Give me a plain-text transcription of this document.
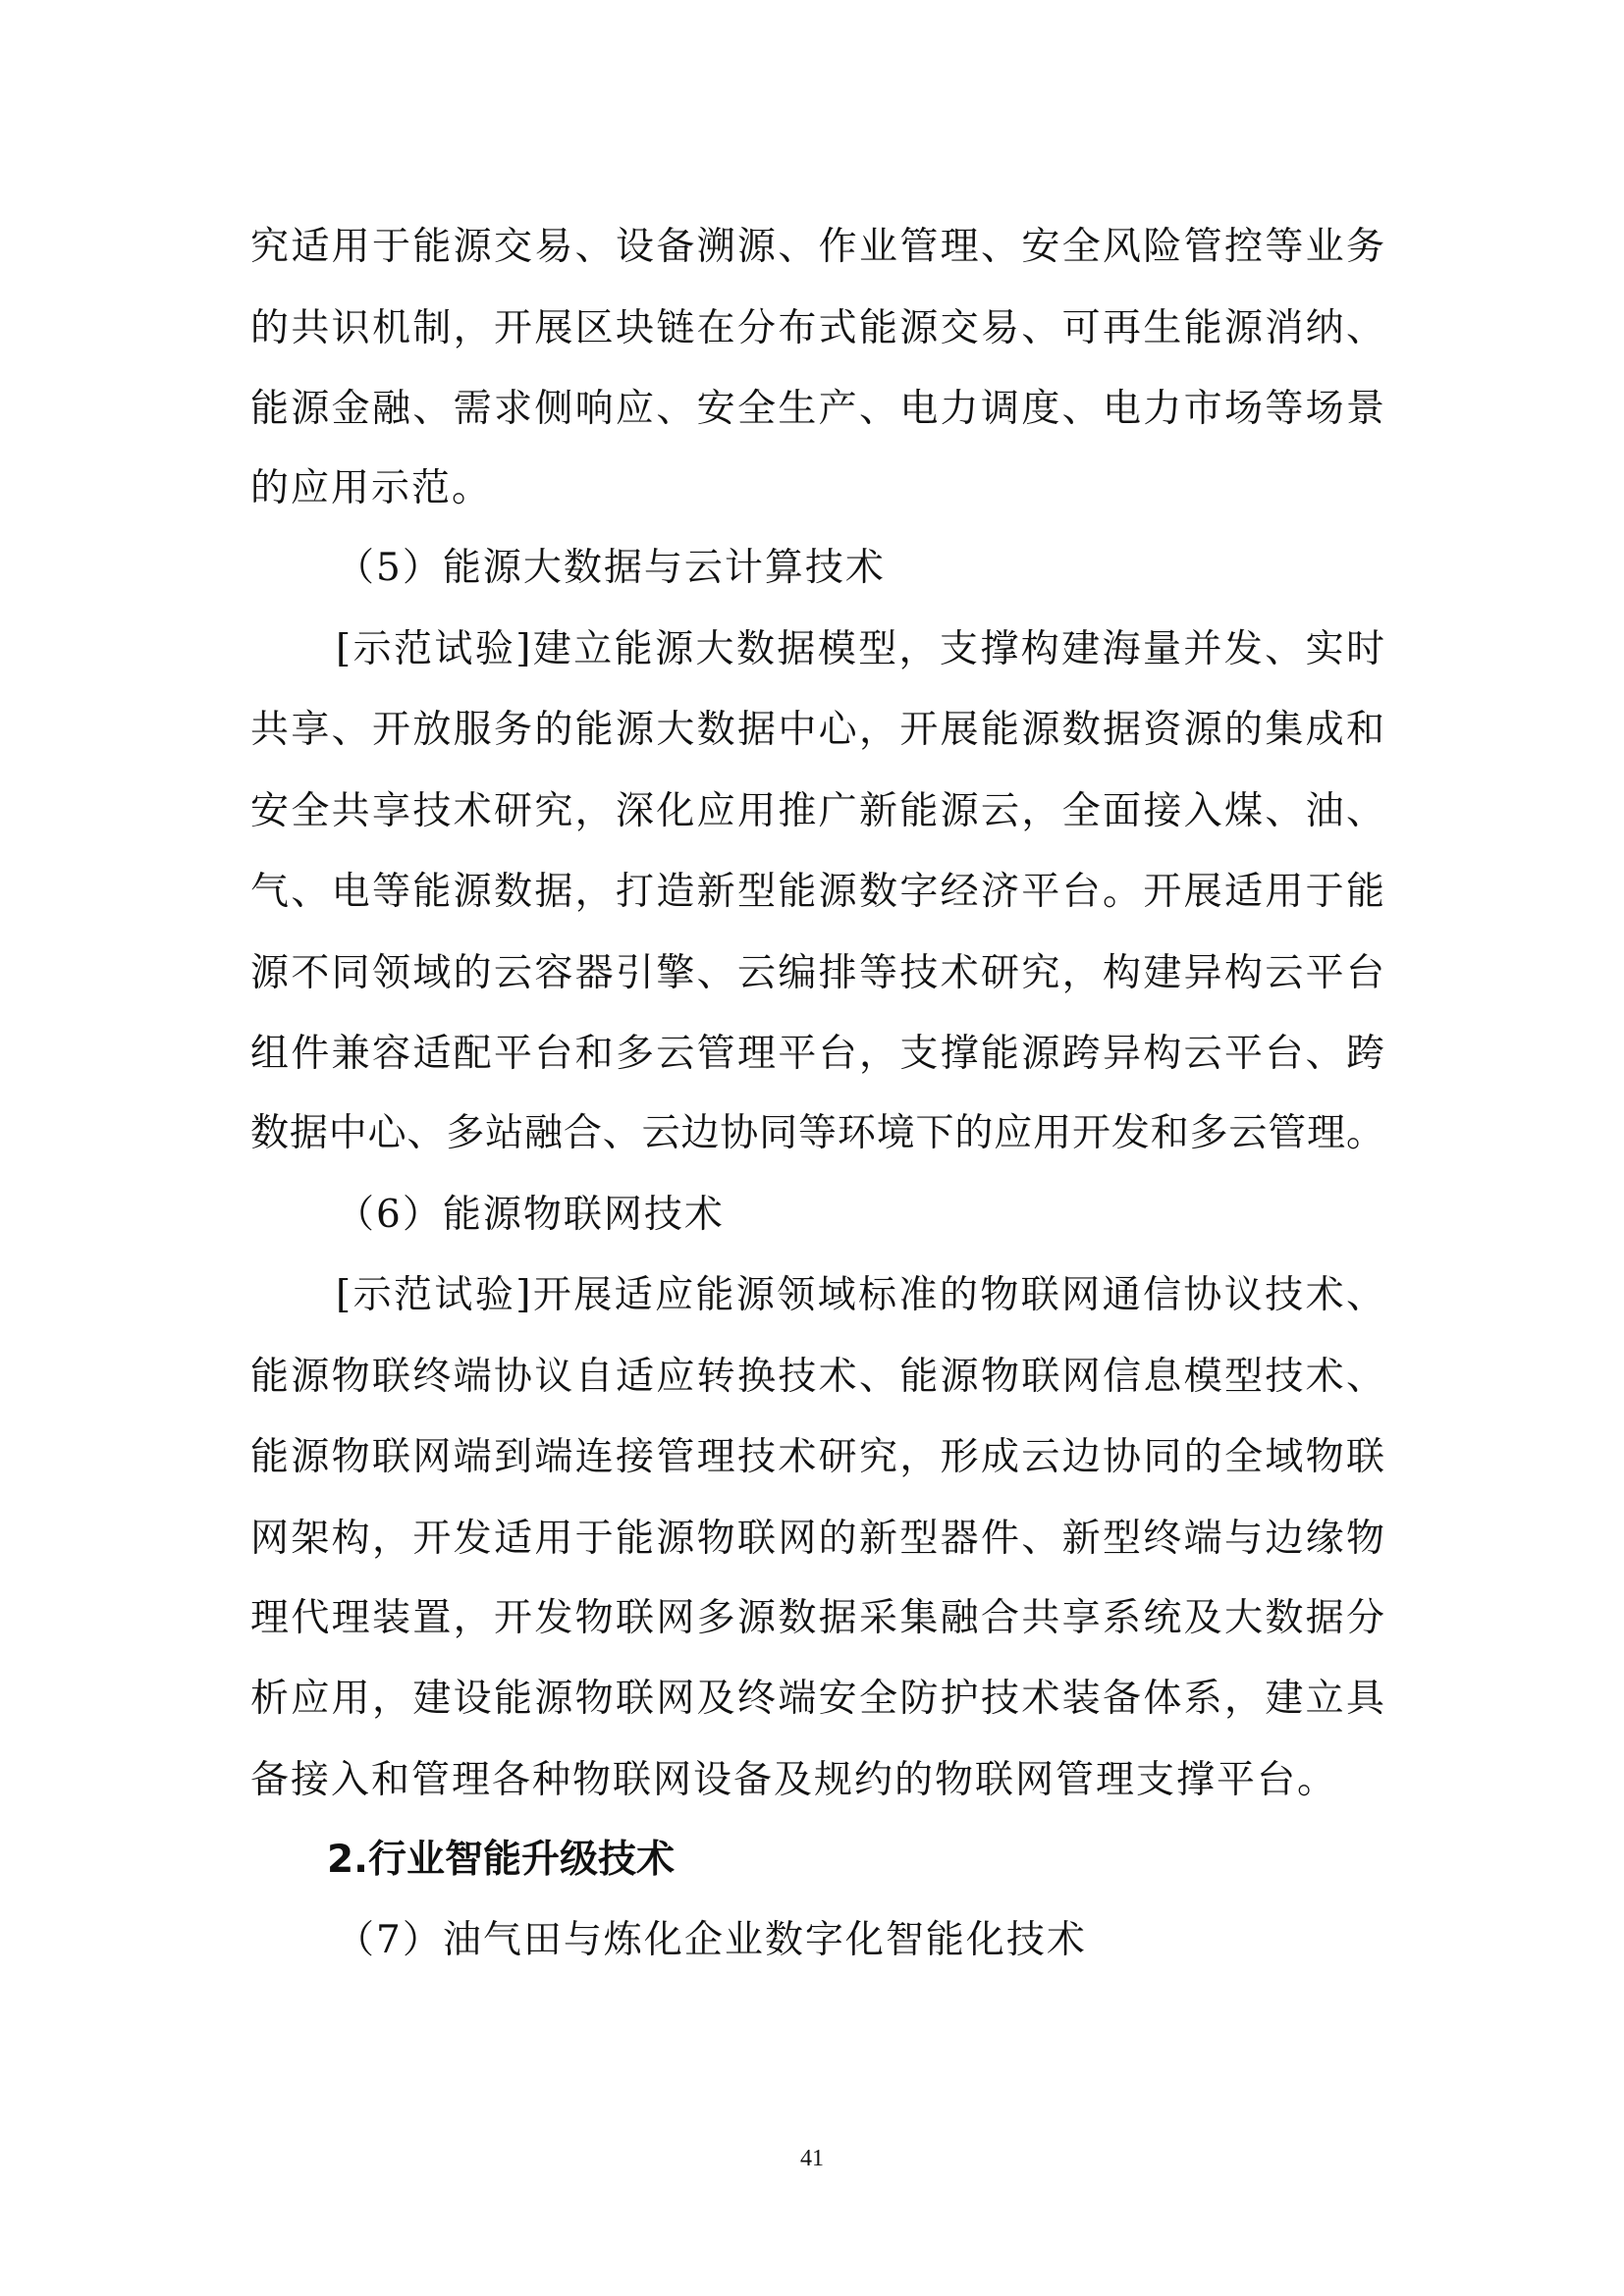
究适用于能源交易、设备溯源、作业管理、安全风险管控等业务
的共识机制，开展区块链在分布式能源交易、可再生能源消纳、
能源金融、需求侧响应、安全生产、电力调度、电力市场等场景
的应用示范。
（5）能源大数据与云计算技术
[示范试验]建立能源大数据模型，支撑构建海量并发、实时
共享、开放服务的能源大数据中心，开展能源数据资源的集成和
安全共享技术研究，深化应用推广新能源云，全面接入煤、油、
气、电等能源数据，打造新型能源数字经济平台。开展适用于能
源不同领域的云容器引擎、云编排等技术研究，构建异构云平台
组件兼容适配平台和多云管理平台，支撑能源跨异构云平台、跨
数据中心、多站融合、云边协同等环境下的应用开发和多云管理。
（6）能源物联网技术
[示范试验]开展适应能源领域标准的物联网通信协议技术、
能源物联终端协议自适应转换技术、能源物联网信息模型技术、
能源物联网端到端连接管理技术研究，形成云边协同的全域物联
网架构，开发适用于能源物联网的新型器件、新型终端与边缘物
理代理装置，开发物联网多源数据采集融合共享系统及大数据分
析应用，建设能源物联网及终端安全防护技术装备体系，建立具
备接入和管理各种物联网设备及规约的物联网管理支撑平台。
2.行业智能升级技术
（7）油气田与炼化企业数字化智能化技术
41
